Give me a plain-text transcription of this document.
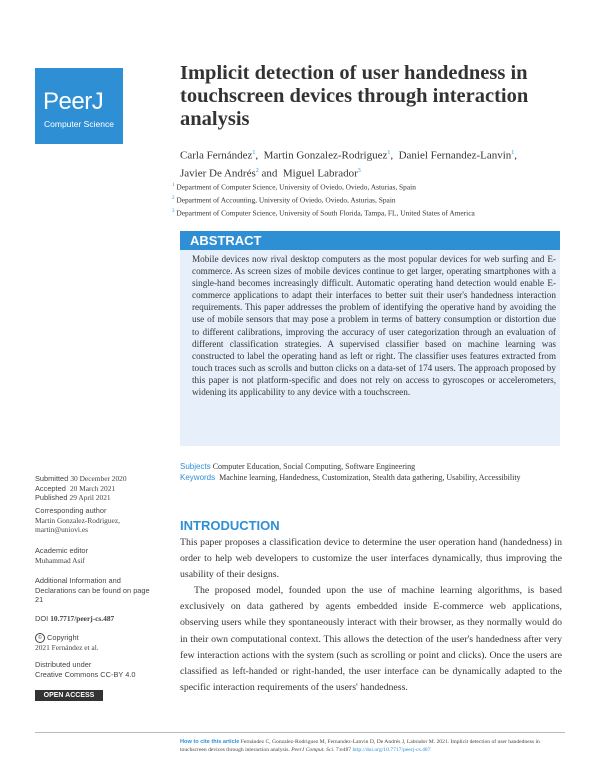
PeerJ
Computer Science
Implicit detection of user handedness in touchscreen devices through interaction analysis
Carla Fernández$^1$,  Martin Gonzalez-Rodriguez$^1$,  Daniel Fernandez-Lanvin$^1$,
Javier De Andrés$^2$ and  Miguel Labrador$^3$
$^1$ Department of Computer Science, University of Oviedo, Oviedo, Asturias, Spain
$^2$ Department of Accounting, University of Oviedo, Oviedo, Asturias, Spain
$^3$ Department of Computer Science, University of South Florida, Tampa, FL, United States of America
ABSTRACT
Mobile devices now rival desktop computers as the most popular devices for web surfing and E-commerce. As screen sizes of mobile devices continue to get larger, operating smartphones with a single-hand becomes increasingly difficult. Automatic operating hand detection would enable E-commerce applications to adapt their interfaces to better suit their user's handedness interaction requirements. This paper addresses the problem of identifying the operative hand by avoiding the use of mobile sensors that may pose a problem in terms of battery consumption or distortion due to different calibrations, improving the accuracy of user categorization through an evaluation of different classification strategies. A supervised classifier based on machine learning was constructed to label the operating hand as left or right. The classifier uses features extracted from touch traces such as scrolls and button clicks on a data-set of 174 users. The approach proposed by this paper is not platform-specific and does not rely on access to gyroscopes or accelerometers, widening its applicability to any device with a touchscreen.
Subjects Computer Education, Social Computing, Software Engineering
Keywords Machine learning, Handedness, Customization, Stealth data gathering, Usability, Accessibility
Submitted 30 December 2020
Accepted 20 March 2021
Published 29 April 2021
Corresponding author
Martin Gonzalez-Rodriguez,
martin@uniovi.es
Academic editor
Muhammad Asif
Additional Information and Declarations can be found on page 21
DOI 10.7717/peerj-cs.487
© Copyright
2021 Fernández et al.
Distributed under
Creative Commons CC-BY 4.0
OPEN ACCESS
INTRODUCTION

This paper proposes a classification device to determine the user operation hand (handedness) in order to help web developers to customize the user interfaces dynamically, thus improving the usability of their designs.

The proposed model, founded upon the use of machine learning algorithms, is based exclusively on data gathered by agents embedded inside E-commerce web applications, observing users while they spontaneously interact with their browser, as they normally would do in their own computational context. This allows the detection of the user's handedness after very few interaction actions with the system (such as scrolling or point and clicks). Once the users are classified as left-handed or right-handed, the user interface can be dynamically adapted to the specific interaction requirements of the users' handedness.

How to cite this article Fernández C, Gonzalez-Rodriguez M, Fernandez-Lanvin D, De Andrés J, Labrador M. 2021. Implicit detection of user handedness in touchscreen devices through interaction analysis. PeerJ Comput. Sci. 7:e487 http://doi.org/10.7717/peerj-cs.487
